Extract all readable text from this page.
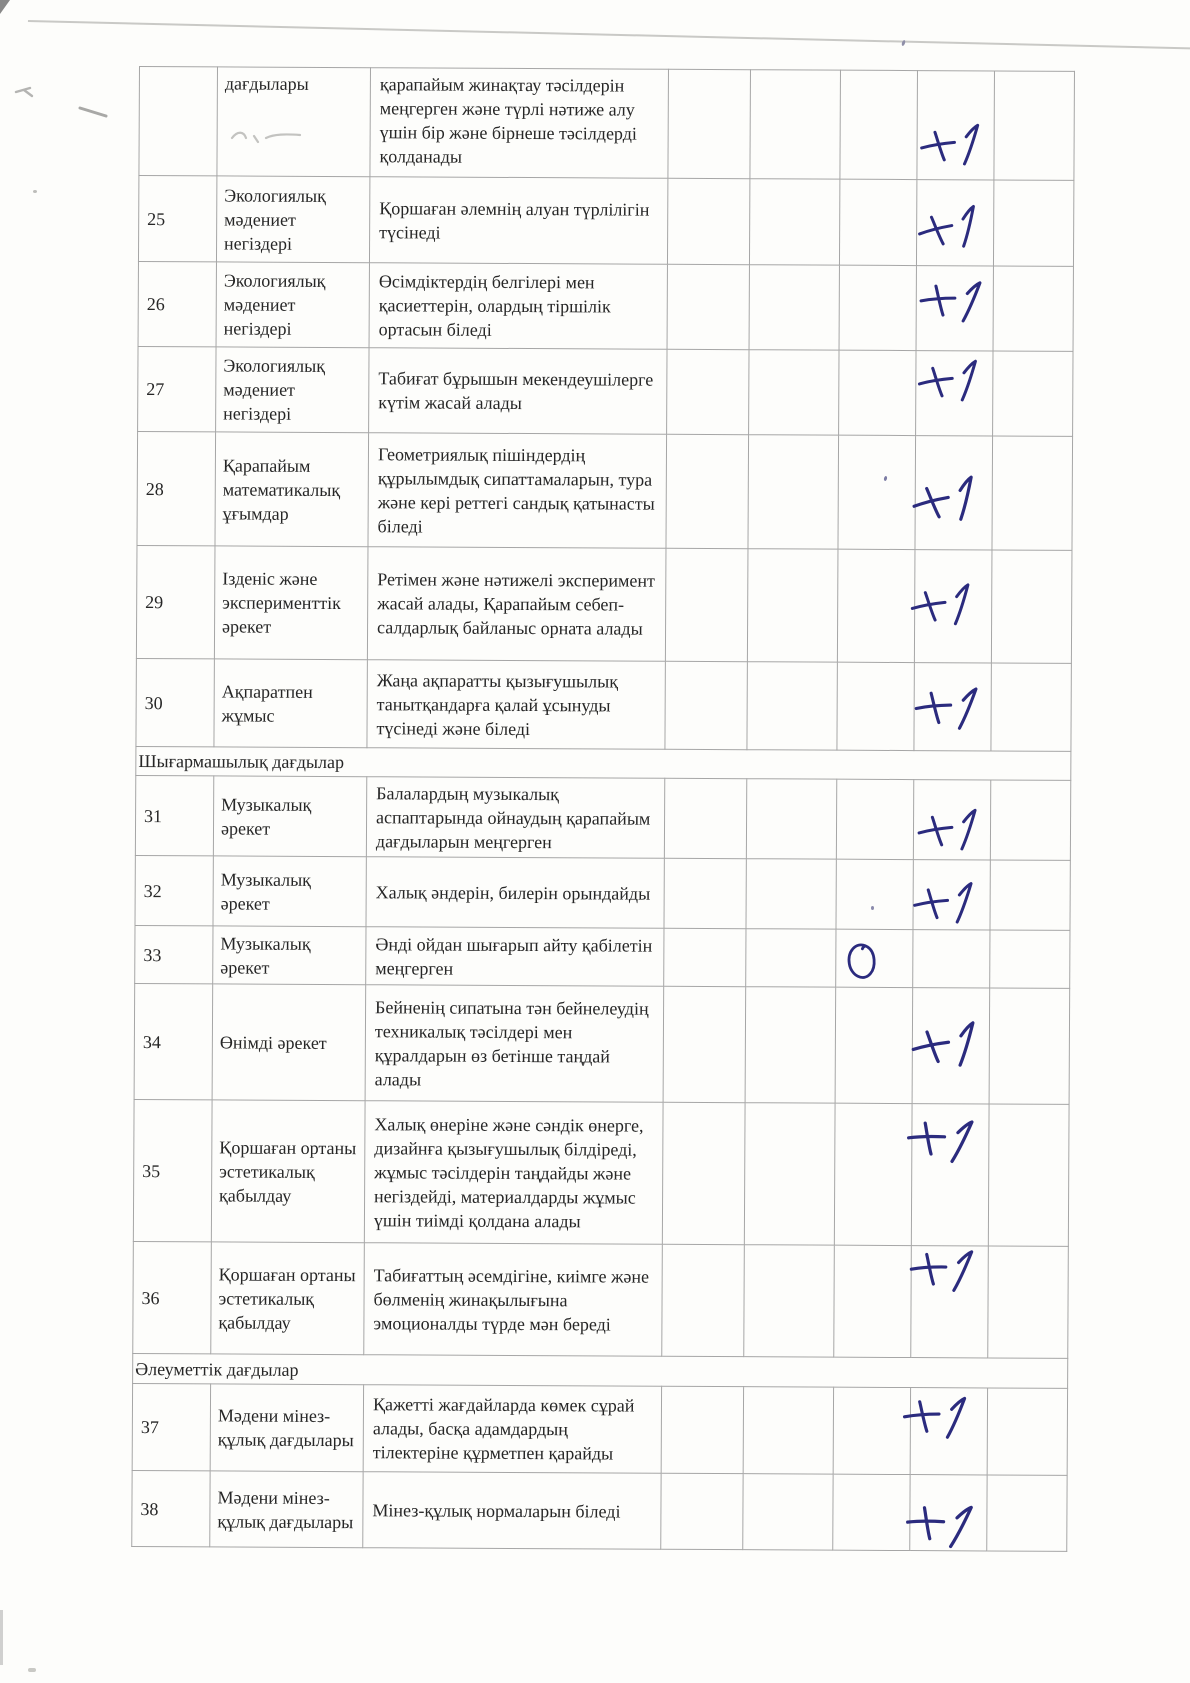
	дағдылары	қарапайым жинақтау тәсілдерін меңгерген және түрлі нәтиже алу үшін бір және бірнеше тәсілдерді қолданады					
25	Экологиялық мәдениет негіздері	Қоршаған әлемнің алуан түрлілігін түсінеді					
26	Экологиялық мәдениет негіздері	Өсімдіктердің белгілері мен қасиеттерін, олардың тіршілік ортасын біледі					
27	Экологиялық мәдениет негіздері	Табиғат бұрышын мекендеушілерге күтім жасай алады					
28	Қарапайым математикалық ұғымдар	Геометриялық пішіндердің құрылымдық сипаттамаларын, тура және кері реттегі сандық қатынасты біледі					
29	Ізденіс және эксперименттік әрекет	Ретімен және нәтижелі эксперимент жасай алады, Қарапайым себеп-салдарлық байланыс орната алады					
30	Ақпаратпен жұмыс	Жаңа ақпаратты қызығушылық танытқандарға қалай ұсынуды түсінеді және біледі					
Шығармашылық дағдылар							
31	Музыкалық әрекет	Балалардың музыкалық аспаптарында ойнаудың қарапайым дағдыларын меңгерген					
32	Музыкалық әрекет	Халық әндерін, билерін орындайды					
33	Музыкалық әрекет	Әнді ойдан шығарып айту қабілетін меңгерген					
34	Өнімді әрекет	Бейненің сипатына тән бейнелеудің техникалық тәсілдері мен құралдарын өз бетінше таңдай алады					
35	Қоршаған ортаны эстетикалық қабылдау	Халық өнеріне және сәндік өнерге, дизайнға қызығушылық білдіреді, жұмыс тәсілдерін таңдайды және негіздейді, материалдарды жұмыс үшін тиімді қолдана алады					
36	Қоршаған ортаны эстетикалық қабылдау	Табиғаттың әсемдігіне, киімге және бөлменің жинақылығына эмоционалды түрде мән береді					
Әлеуметтік дағдылар							
37	Мәдени мінез-құлық дағдылары	Қажетті жағдайларда көмек сұрай алады, басқа адамдардың тілектеріне құрметпен қарайды					
38	Мәдени мінез-құлық дағдылары	Мінез-құлық нормаларын біледі					
